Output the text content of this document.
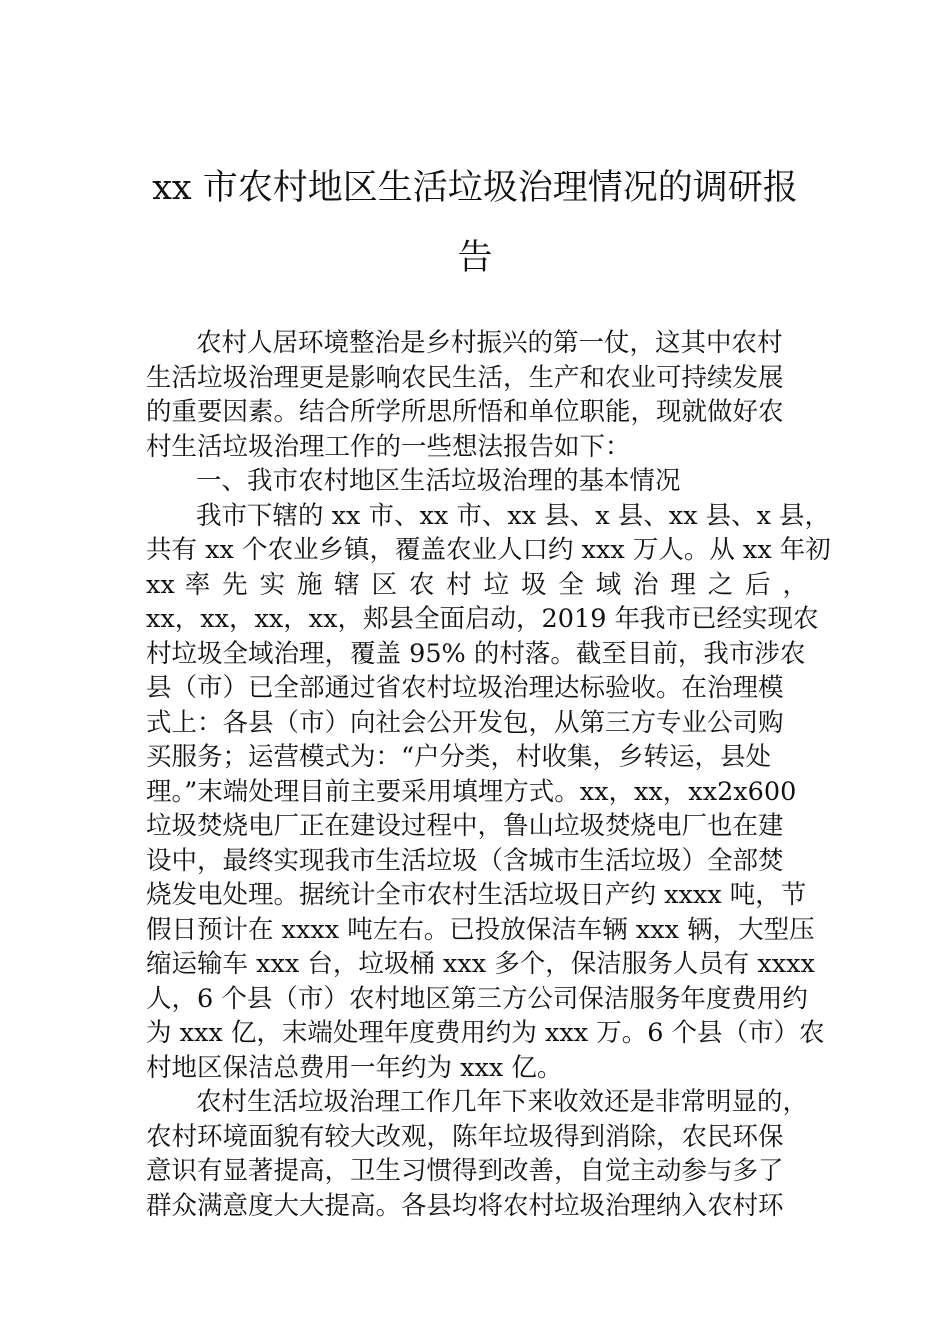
xx 市农村地区生活垃圾治理情况的调研报
告
农村人居环境整治是乡村振兴的第一仗，这其中农村
生活垃圾治理更是影响农民生活，生产和农业可持续发展
的重要因素。结合所学所思所悟和单位职能，现就做好农
村生活垃圾治理工作的一些想法报告如下：
一、我市农村地区生活垃圾治理的基本情况
我市下辖的 xx 市、xx 市、xx 县、x 县、xx 县、x 县，
共有 xx 个农业乡镇，覆盖农业人口约 xxx 万人。从 xx 年初
xx 率 先 实 施 辖 区 农 村 垃 圾 全 域 治 理 之 后 ，
xx，xx，xx，xx，郏县全面启动，2019 年我市已经实现农
村垃圾全域治理，覆盖 95% 的村落。截至目前，我市涉农
县（市）已全部通过省农村垃圾治理达标验收。在治理模
式上：各县（市）向社会公开发包，从第三方专业公司购
买服务；运营模式为：“户分类，村收集，乡转运，县处
理。”末端处理目前主要采用填埋方式。xx，xx，xx2x600
垃圾焚烧电厂正在建设过程中，鲁山垃圾焚烧电厂也在建
设中，最终实现我市生活垃圾（含城市生活垃圾）全部焚
烧发电处理。据统计全市农村生活垃圾日产约 xxxx 吨，节
假日预计在 xxxx 吨左右。已投放保洁车辆 xxx 辆，大型压
缩运输车 xxx 台，垃圾桶 xxx 多个，保洁服务人员有 xxxx
人，6 个县（市）农村地区第三方公司保洁服务年度费用约
为 xxx 亿，末端处理年度费用约为 xxx 万。6 个县（市）农
村地区保洁总费用一年约为 xxx 亿。
农村生活垃圾治理工作几年下来收效还是非常明显的，
农村环境面貌有较大改观，陈年垃圾得到消除，农民环保
意识有显著提高，卫生习惯得到改善，自觉主动参与多了
群众满意度大大提高。各县均将农村垃圾治理纳入农村环
